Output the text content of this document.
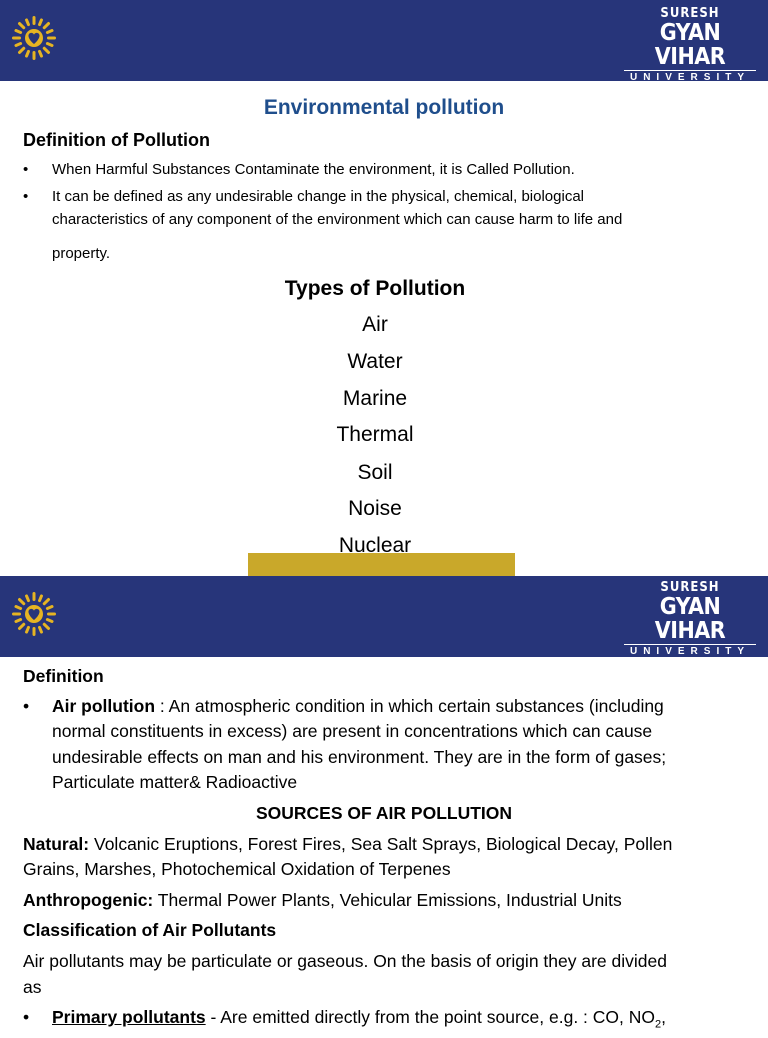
SURESH
GYAN VIHAR
UNIVERSITY
Accredited by NAAC with 'A'Grade
Environmental pollution
Definition of Pollution
• When Harmful Substances Contaminate the environment, it is Called Pollution.
• It can be defined as any undesirable change in the physical, chemical, biological
characteristics of any component of the environment which can cause harm to life and
property.
Types of Pollution
Air
Water
Marine
Thermal
Soil
Noise
Nuclear
SURESH
GYAN VIHAR
UNIVERSITY
Accredited by NAAC with 'A'Grade
www.gyanvihar.org
Definition
• Air pollution : An atmospheric condition in which certain substances (including
normal constituents in excess) are present in concentrations which can cause
undesirable effects on man and his environment. They are in the form of gases;
Particulate matter& Radioactive
SOURCES OF AIR POLLUTION
Natural: Volcanic Eruptions, Forest Fires, Sea Salt Sprays, Biological Decay, Pollen
Grains, Marshes, Photochemical Oxidation of Terpenes
Anthropogenic: Thermal Power Plants, Vehicular Emissions, Industrial Units
Classification of Air Pollutants
Air pollutants may be particulate or gaseous. On the basis of origin they are divided
as
• Primary pollutants - Are emitted directly from the point source, e.g. : CO, $NO_2$,
